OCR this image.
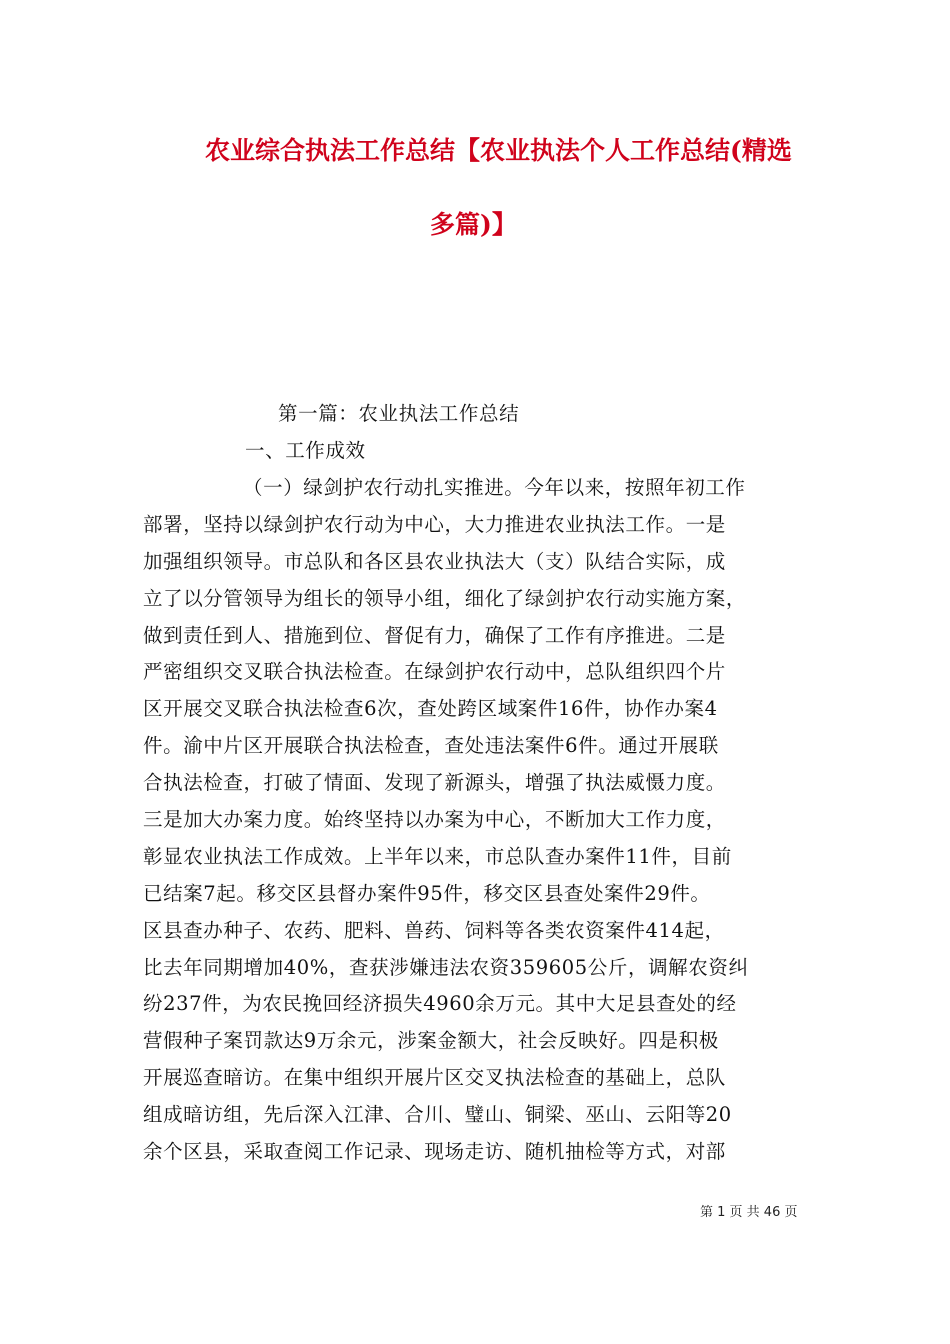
农业综合执法工作总结【农业执法个人工作总结(精选
多篇)】
第一篇：农业执法工作总结
一、工作成效
（一）绿剑护农行动扎实推进。今年以来，按照年初工作
部署，坚持以绿剑护农行动为中心，大力推进农业执法工作。一是
加强组织领导。市总队和各区县农业执法大（支）队结合实际，成
立了以分管领导为组长的领导小组，细化了绿剑护农行动实施方案，
做到责任到人、措施到位、督促有力，确保了工作有序推进。二是
严密组织交叉联合执法检查。在绿剑护农行动中，总队组织四个片
区开展交叉联合执法检查6次，查处跨区域案件16件，协作办案4
件。渝中片区开展联合执法检查，查处违法案件6件。通过开展联
合执法检查，打破了情面、发现了新源头，增强了执法威慑力度。
三是加大办案力度。始终坚持以办案为中心，不断加大工作力度，
彰显农业执法工作成效。上半年以来，市总队查办案件11件，目前
已结案7起。移交区县督办案件95件，移交区县查处案件29件。
区县查办种子、农药、肥料、兽药、饲料等各类农资案件414起，
比去年同期增加40%，查获涉嫌违法农资359605公斤，调解农资纠
纷237件，为农民挽回经济损失4960余万元。其中大足县查处的经
营假种子案罚款达9万余元，涉案金额大，社会反映好。四是积极
开展巡查暗访。在集中组织开展片区交叉执法检查的基础上，总队
组成暗访组，先后深入江津、合川、璧山、铜梁、巫山、云阳等20
余个区县，采取查阅工作记录、现场走访、随机抽检等方式，对部
第 1 页 共 46 页
